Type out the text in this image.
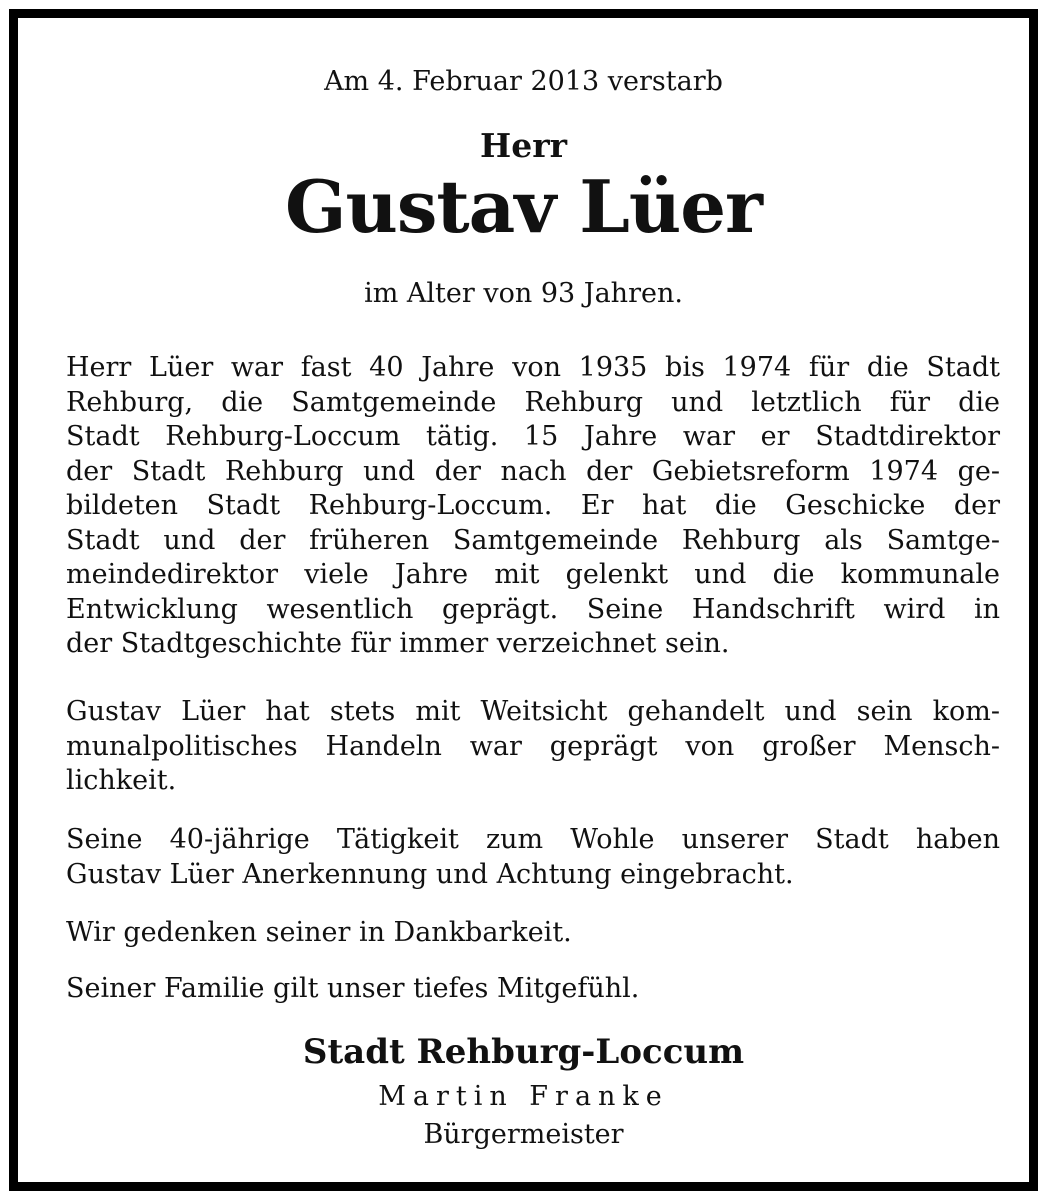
Am 4. Februar 2013 verstarb
Herr
Gustav Lüer
im Alter von 93 Jahren.
Herr Lüer war fast 40 Jahre von 1935 bis 1974 für die Stadt
Rehburg, die Samtgemeinde Rehburg und letztlich für die
Stadt Rehburg-Loccum tätig. 15 Jahre war er Stadtdirektor
der Stadt Rehburg und der nach der Gebietsreform 1974 ge-
bildeten Stadt Rehburg-Loccum. Er hat die Geschicke der
Stadt und der früheren Samtgemeinde Rehburg als Samtge-
meindedirektor viele Jahre mit gelenkt und die kommunale
Entwicklung wesentlich geprägt. Seine Handschrift wird in
der Stadtgeschichte für immer verzeichnet sein.
Gustav Lüer hat stets mit Weitsicht gehandelt und sein kom-
munalpolitisches Handeln war geprägt von großer Mensch-
lichkeit.
Seine 40-jährige Tätigkeit zum Wohle unserer Stadt haben
Gustav Lüer Anerkennung und Achtung eingebracht.
Wir gedenken seiner in Dankbarkeit.
Seiner Familie gilt unser tiefes Mitgefühl.
Stadt Rehburg-Loccum
Martin Franke
Bürgermeister
